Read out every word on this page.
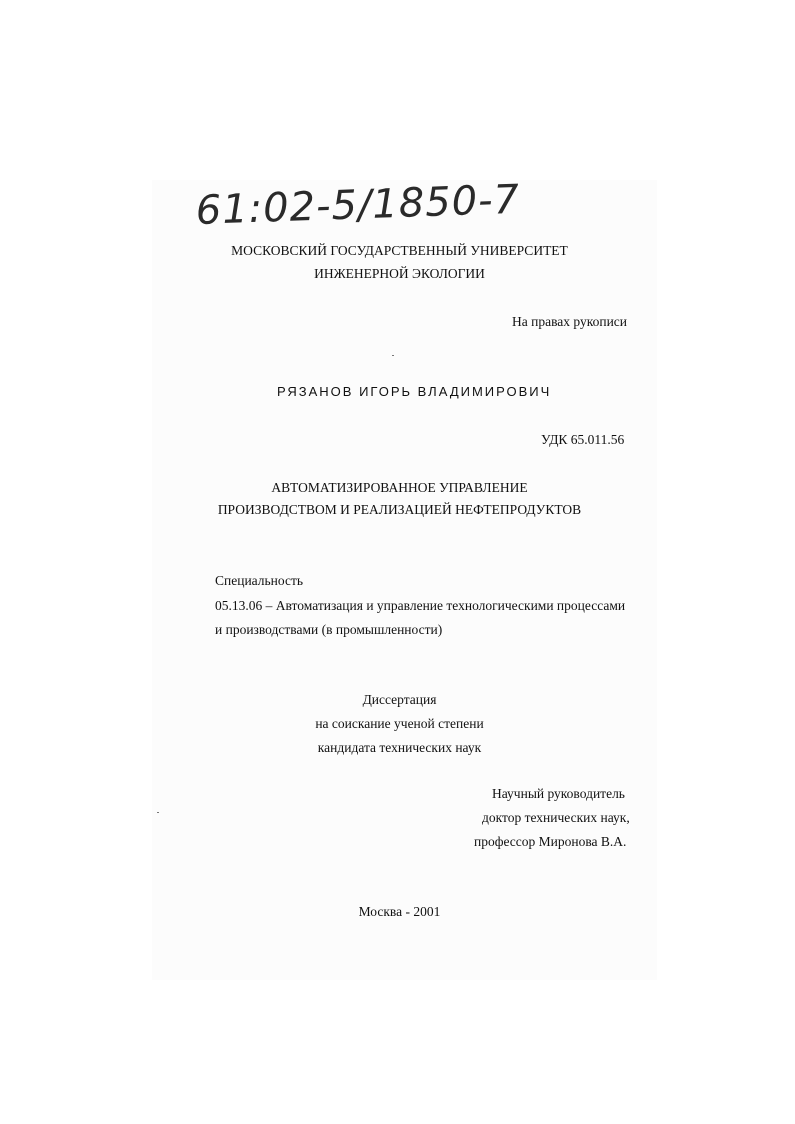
61:02-5/1850-7
МОСКОВСКИЙ ГОСУДАРСТВЕННЫЙ УНИВЕРСИТЕТ
ИНЖЕНЕРНОЙ ЭКОЛОГИИ
На правах рукописи
РЯЗАНОВ ИГОРЬ ВЛАДИМИРОВИЧ
УДК 65.011.56
АВТОМАТИЗИРОВАННОЕ УПРАВЛЕНИЕ
ПРОИЗВОДСТВОМ И РЕАЛИЗАЦИЕЙ НЕФТЕПРОДУКТОВ
Специальность
05.13.06 – Автоматизация и управление технологическими процессами
и производствами (в промышленности)
Диссертация
на соискание ученой степени
кандидата технических наук
Научный руководитель
доктор технических наук,
профессор Миронова В.А.
Москва - 2001
